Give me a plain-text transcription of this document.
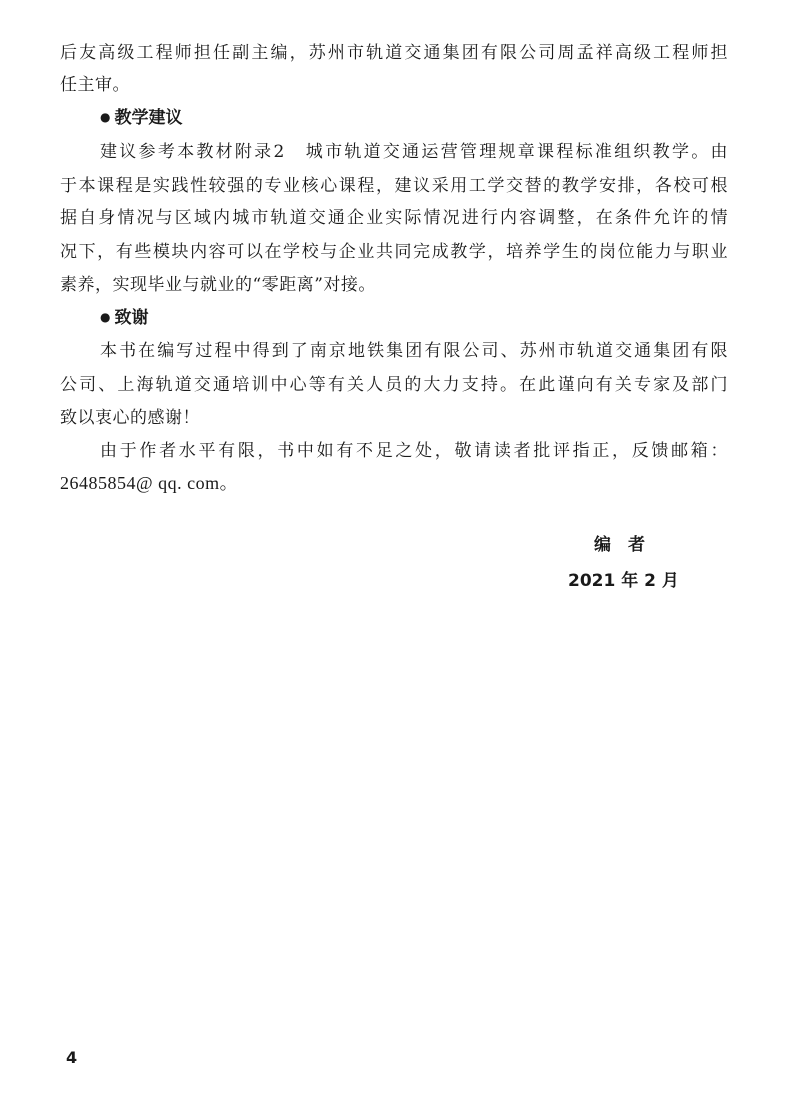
后友高级工程师担任副主编，苏州市轨道交通集团有限公司周孟祥高级工程师担
任主审。
● 教学建议
建议参考本教材附录2　城市轨道交通运营管理规章课程标准组织教学。由
于本课程是实践性较强的专业核心课程，建议采用工学交替的教学安排，各校可根
据自身情况与区域内城市轨道交通企业实际情况进行内容调整，在条件允许的情
况下，有些模块内容可以在学校与企业共同完成教学，培养学生的岗位能力与职业
素养，实现毕业与就业的“零距离”对接。
● 致谢
本书在编写过程中得到了南京地铁集团有限公司、苏州市轨道交通集团有限
公司、上海轨道交通培训中心等有关人员的大力支持。在此谨向有关专家及部门
致以衷心的感谢！
由于作者水平有限，书中如有不足之处，敬请读者批评指正，反馈邮箱：
26485854@ qq. com。
编　者
2021 年 2 月
4
